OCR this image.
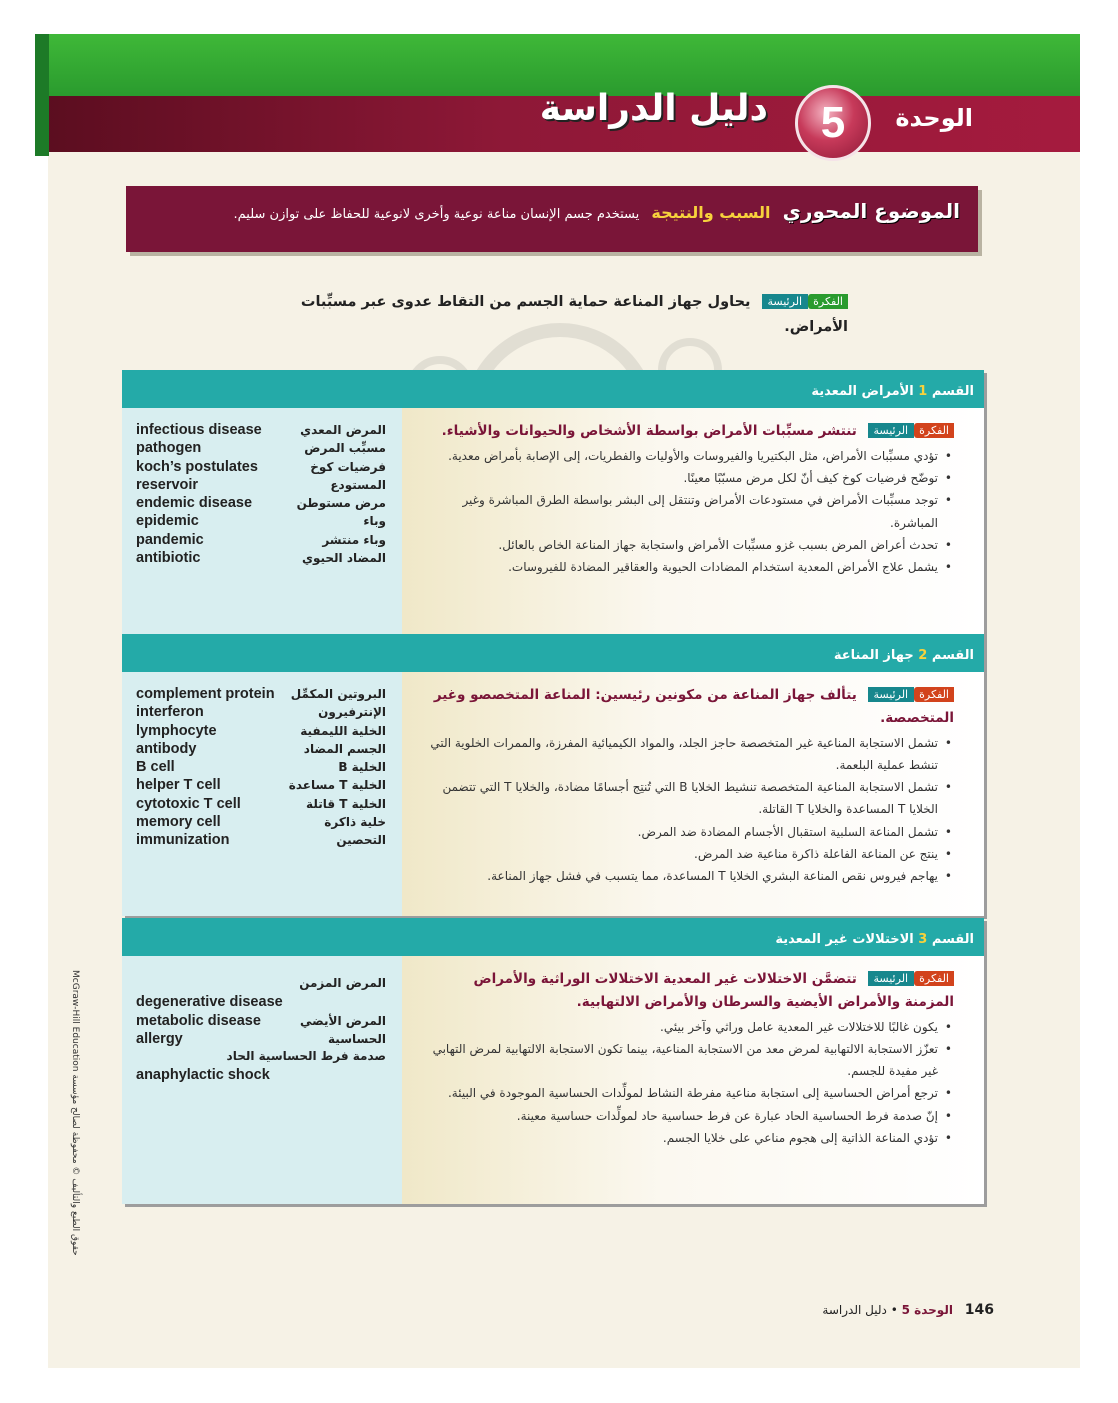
الوحدة
5
دليل الدراسة
الموضوع المحوري السبب والنتيجة يستخدم جسم الإنسان مناعة نوعية وأخرى لانوعية للحفاظ على توازن سليم.
الفكرةالرئيسة يحاول جهاز المناعة حماية الجسم من التقاط عدوى عبر مسبِّبات الأمراض.
القسم 1 الأمراض المعدية
الفكرةالرئيسة تنتشر مسبِّبات الأمراض بواسطة الأشخاص والحيوانات والأشياء.
• تؤدي مسبِّبات الأمراض، مثل البكتيريا والفيروسات والأوليات والفطريات، إلى الإصابة بأمراض معدية.
• توضّح فرضيات كوخ كيف أنّ لكل مرض مسبّبًا معينًا.
• توجد مسبِّبات الأمراض في مستودعات الأمراض وتنتقل إلى البشر بواسطة الطرق المباشرة وغير المباشرة.
• تحدث أعراض المرض بسبب غزو مسبِّبات الأمراض واستجابة جهاز المناعة الخاص بالعائل.
• يشمل علاج الأمراض المعدية استخدام المضادات الحيوية والعقاقير المضادة للفيروسات.
المرض المعدي
infectious disease
مسبِّب المرض
pathogen
فرضيات كوخ
koch’s postulates
المستودع
reservoir
مرض مستوطن
endemic disease
وباء
epidemic
وباء منتشر
pandemic
المضاد الحيوي
antibiotic
القسم 2 جهاز المناعة
الفكرةالرئيسة يتألف جهاز المناعة من مكونين رئيسين: المناعة المتخصصو وغير المتخصصة.
• تشمل الاستجابة المناعية غير المتخصصة حاجز الجلد، والمواد الكيميائية المفرزة، والممرات الخلوية التي تنشط عملية البلعمة.
• تشمل الاستجابة المناعية المتخصصة تنشيط الخلايا B التي تُنتِج أجسامًا مضادة، والخلايا T التي تتضمن الخلايا T المساعدة والخلايا T القاتلة.
• تشمل المناعة السلبية استقبال الأجسام المضادة ضد المرض.
• ينتج عن المناعة الفاعلة ذاكرة مناعية ضد المرض.
• يهاجم فيروس نقص المناعة البشري الخلايا T المساعدة، مما يتسبب في فشل جهاز المناعة.
البروتين المكمِّل
complement protein
الإنترفيرون
interferon
الخلية الليمفية
lymphocyte
الجسم المضاد
antibody
الخلية B
B cell
الخلية T مساعدة
helper T cell
الخلية T قاتلة
cytotoxic T cell
خلية ذاكرة
memory cell
التحصين
immunization
القسم 3 الاختلالات غير المعدية
الفكرةالرئيسة تتضمَّن الاختلالات غير المعدية الاختلالات الوراثية والأمراض المزمنة والأمراض الأيضية والسرطان والأمراض الالتهابية.
• يكون غالبًا للاختلالات غير المعدية عامل وراثي وآخر بيئي.
• تعزّز الاستجابة الالتهابية لمرض معد من الاستجابة المناعية، بينما تكون الاستجابة الالتهابية لمرض التهابي غير مفيدة للجسم.
• ترجع أمراض الحساسية إلى استجابة مناعية مفرطة النشاط لمولِّدات الحساسية الموجودة في البيئة.
• إنّ صدمة فرط الحساسية الحاد عبارة عن فرط حساسية حاد لمولِّدات حساسية معينة.
• تؤدي المناعة الذاتية إلى هجوم مناعي على خلايا الجسم.
المرض المزمن
degenerative disease
المرض الأيضي
metabolic disease
الحساسية
allergy
صدمة فرط الحساسية الحاد
anaphylactic shock
حقوق الطبع والتأليف © محفوظة لصالح مؤسسة McGraw-Hill Education
146 الوحدة 5 • دليل الدراسة
